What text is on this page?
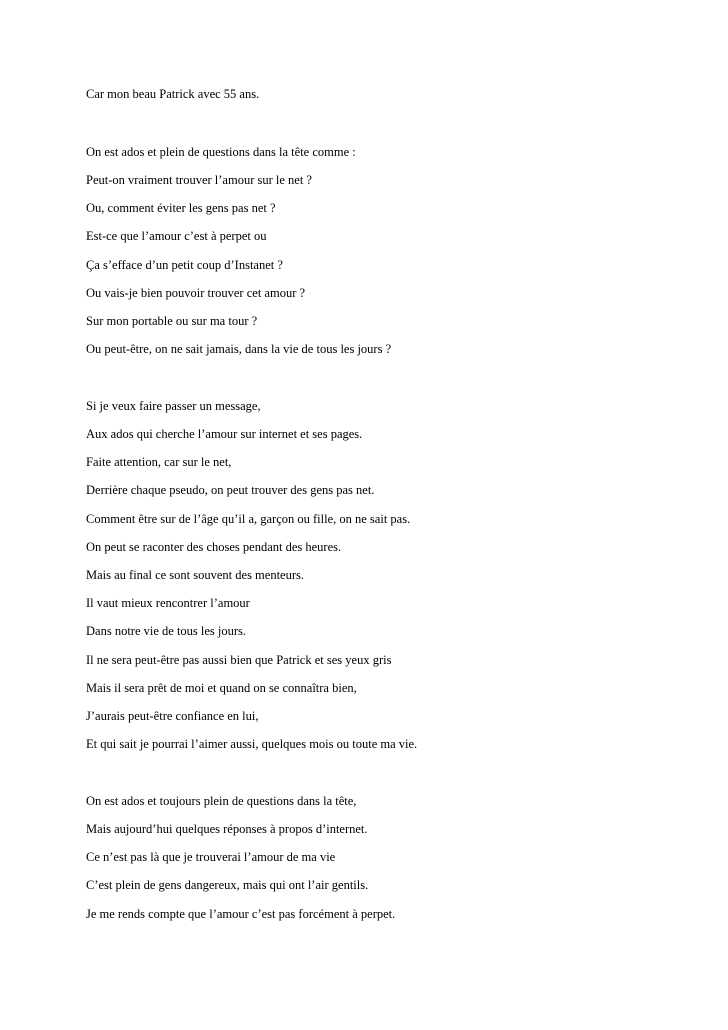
Car mon beau Patrick avec 55 ans.
On est ados et plein de questions dans la tête comme :
Peut-on vraiment trouver l’amour sur le net ?
Ou, comment éviter les gens pas net ?
Est-ce que l’amour c’est à perpet ou
Ça s’efface d’un petit coup d’Instanet ?
Ou vais-je bien pouvoir trouver cet amour ?
Sur mon portable ou sur ma tour ?
Ou peut-être, on ne sait jamais, dans la vie de tous les jours ?
Si je veux faire passer un message,
Aux ados qui cherche l’amour sur internet et ses pages.
Faite attention, car sur le net,
Derrière chaque pseudo, on peut trouver des gens pas net.
Comment être sur de l’âge qu’il a, garçon ou fille, on ne sait pas.
On peut se raconter des choses pendant des heures.
Mais au final ce sont souvent des menteurs.
Il vaut mieux rencontrer l’amour
Dans notre vie de tous les jours.
Il ne sera peut-être pas aussi bien que Patrick et ses yeux gris
Mais il sera prêt de moi et quand on se connaîtra bien,
J’aurais peut-être confiance en lui,
Et qui sait je pourrai l’aimer aussi, quelques mois ou toute ma vie.
On est ados et toujours plein de questions dans la tête,
Mais aujourd’hui quelques réponses à propos d’internet.
Ce n’est pas là que je trouverai l’amour de ma vie
C’est plein de gens dangereux, mais qui ont l’air gentils.
Je me rends compte que l’amour c’est pas forcément à perpet.
